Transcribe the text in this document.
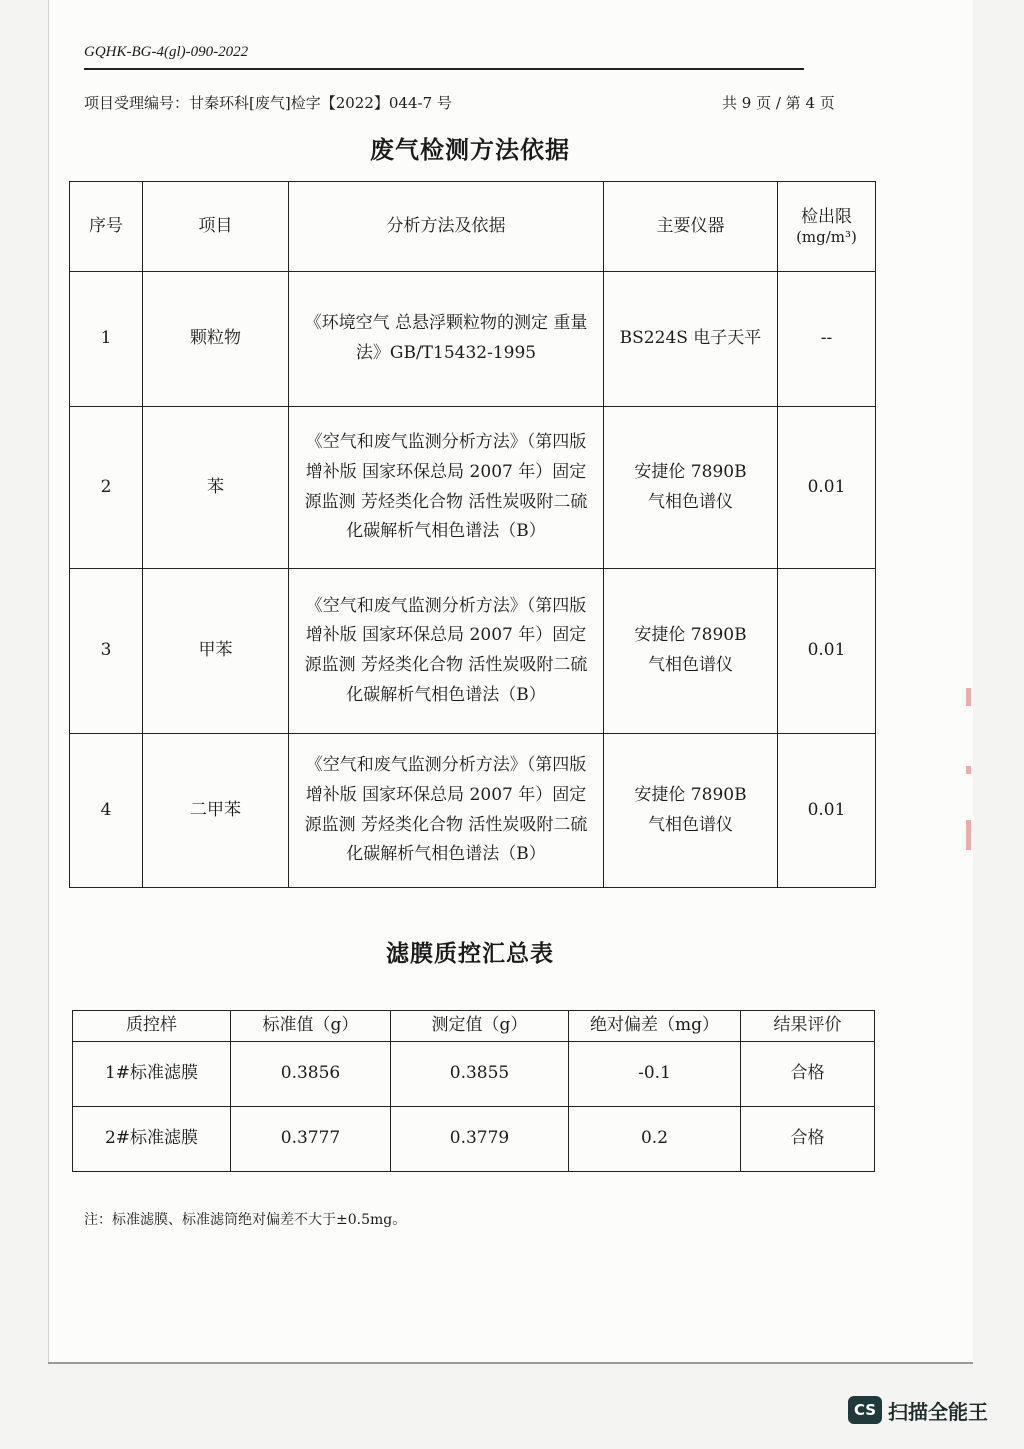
GQHK-BG-4(gl)-090-2022
项目受理编号：甘秦环科[废气]检字【2022】044-7 号	共 9 页 / 第 4 页
废气检测方法依据
序号	项目	分析方法及依据	主要仪器	检出限
(mg/m³)

1	颗粒物	《环境空气 总悬浮颗粒物的测定 重量法》GB/T15432-1995	BS224S 电子天平	--
2	苯	《空气和废气监测分析方法》（第四版 增补版 国家环保总局 2007 年）固定源监测 芳烃类化合物 活性炭吸附二硫化碳解析气相色谱法（B）	安捷伦 7890B 气相色谱仪	0.01
3	甲苯	《空气和废气监测分析方法》（第四版 增补版 国家环保总局 2007 年）固定源监测 芳烃类化合物 活性炭吸附二硫化碳解析气相色谱法（B）	安捷伦 7890B 气相色谱仪	0.01
4	二甲苯	《空气和废气监测分析方法》（第四版 增补版 国家环保总局 2007 年）固定源监测 芳烃类化合物 活性炭吸附二硫化碳解析气相色谱法（B）	安捷伦 7890B 气相色谱仪	0.01
滤膜质控汇总表
质控样	标准值（g）	测定值（g）	绝对偏差（mg）	结果评价
1#标准滤膜	0.3856	0.3855	-0.1	合格
2#标准滤膜	0.3777	0.3779	0.2	合格
注：标准滤膜、标准滤筒绝对偏差不大于±0.5mg。
CS 扫描全能王
